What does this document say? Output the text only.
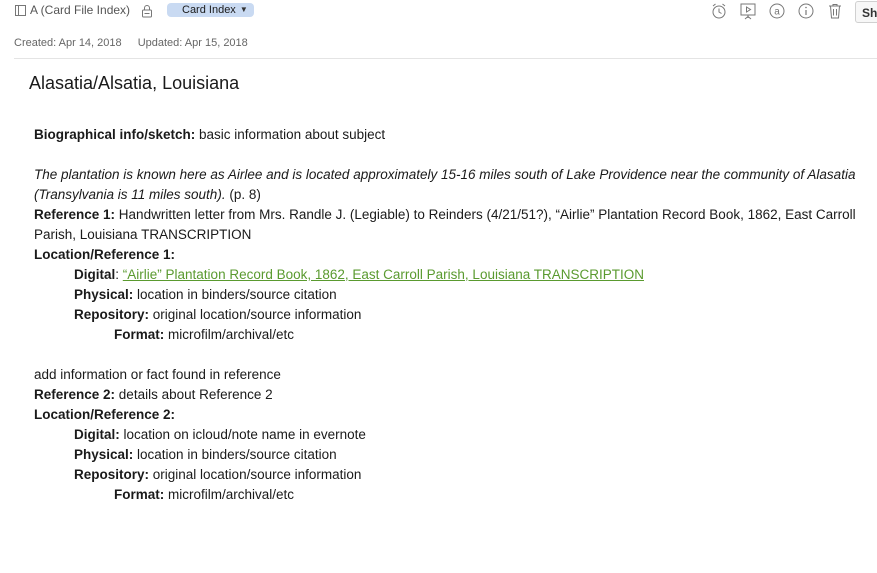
A (Card File Index)	Card Index ▼	a	Sh
Created: Apr 14, 2018 Updated: Apr 15, 2018
Alasatia/Alsatia, Louisiana
Biographical info/sketch: basic information about subject
The plantation is known here as Airlee and is located approximately 15-16 miles south of Lake Providence near the community of Alasatia (Transylvania is 11 miles south). (p. 8)
Reference 1: Handwritten letter from Mrs. Randle J. (Legiable) to Reinders (4/21/51?), “Airlie” Plantation Record Book, 1862, East Carroll Parish, Louisiana TRANSCRIPTION
Location/Reference 1:
Digital: “Airlie” Plantation Record Book, 1862, East Carroll Parish, Louisiana TRANSCRIPTION
Physical: location in binders/source citation
Repository: original location/source information
Format: microfilm/archival/etc
add information or fact found in reference
Reference 2: details about Reference 2
Location/Reference 2:
Digital: location on icloud/note name in evernote
Physical: location in binders/source citation
Repository: original location/source information
Format: microfilm/archival/etc
